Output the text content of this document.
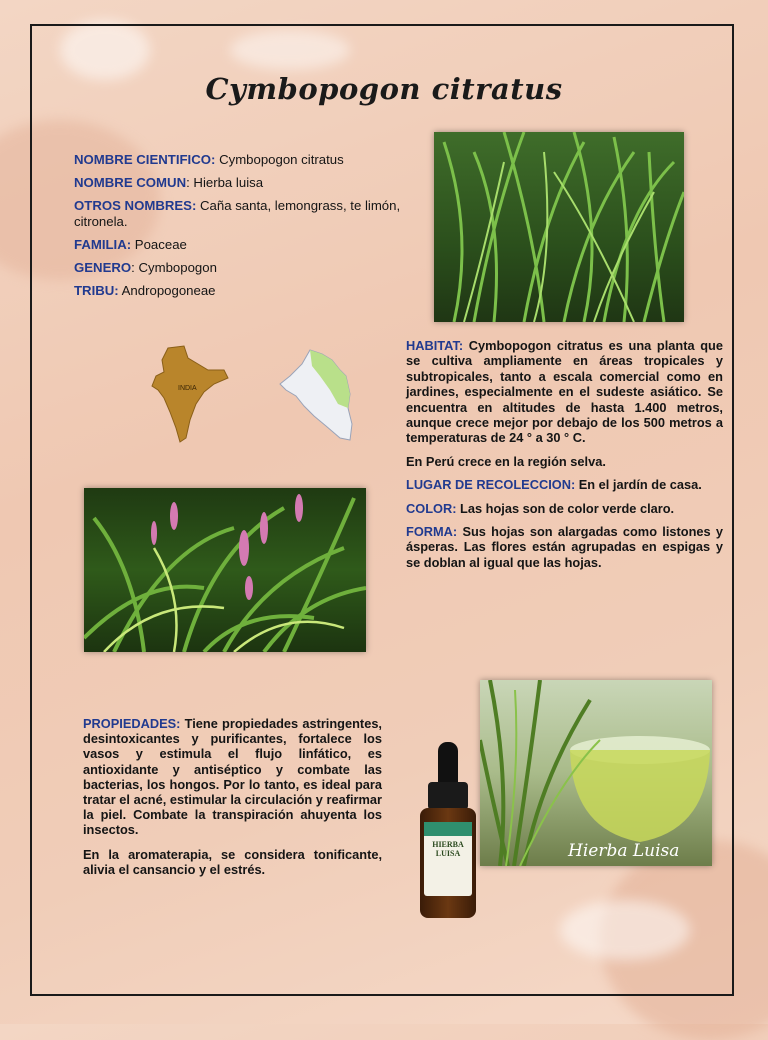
Cymbopogon citratus

NOMBRE CIENTIFICO: Cymbopogon citratus

NOMBRE COMUN: Hierba luisa

OTROS NOMBRES: Caña santa, lemongrass, te limón, citronela.

FAMILIA: Poaceae

GENERO: Cymbopogon

TRIBU: Andropogoneae

INDIA

HABITAT: Cymbopogon citratus es una planta que se cultiva ampliamente en áreas tropicales y subtropicales, tanto a escala comercial como en jardines, especialmente en el sudeste asiático. Se encuentra en altitudes de hasta 1.400 metros, aunque crece mejor por debajo de los 500 metros a temperaturas de 24 ° a 30 ° C.

En Perú crece en la región selva.

LUGAR DE RECOLECCION: En el jardín de casa.

COLOR: Las hojas son de color verde claro.

FORMA: Sus hojas son alargadas como listones y ásperas. Las flores están agrupadas en espigas y se doblan al igual que las hojas.

PROPIEDADES: Tiene propiedades astringentes, desintoxicantes y purificantes, fortalece los vasos y estimula el flujo linfático, es antioxidante y antiséptico y combate las bacterias, los hongos. Por lo tanto, es ideal para tratar el acné, estimular la circulación y reafirmar la piel. Combate la transpiración ahuyenta los insectos.

En la aromaterapia, se considera tonificante, alivia el cansancio y el estrés.

HIERBA
LUISA	Hierba Luisa
